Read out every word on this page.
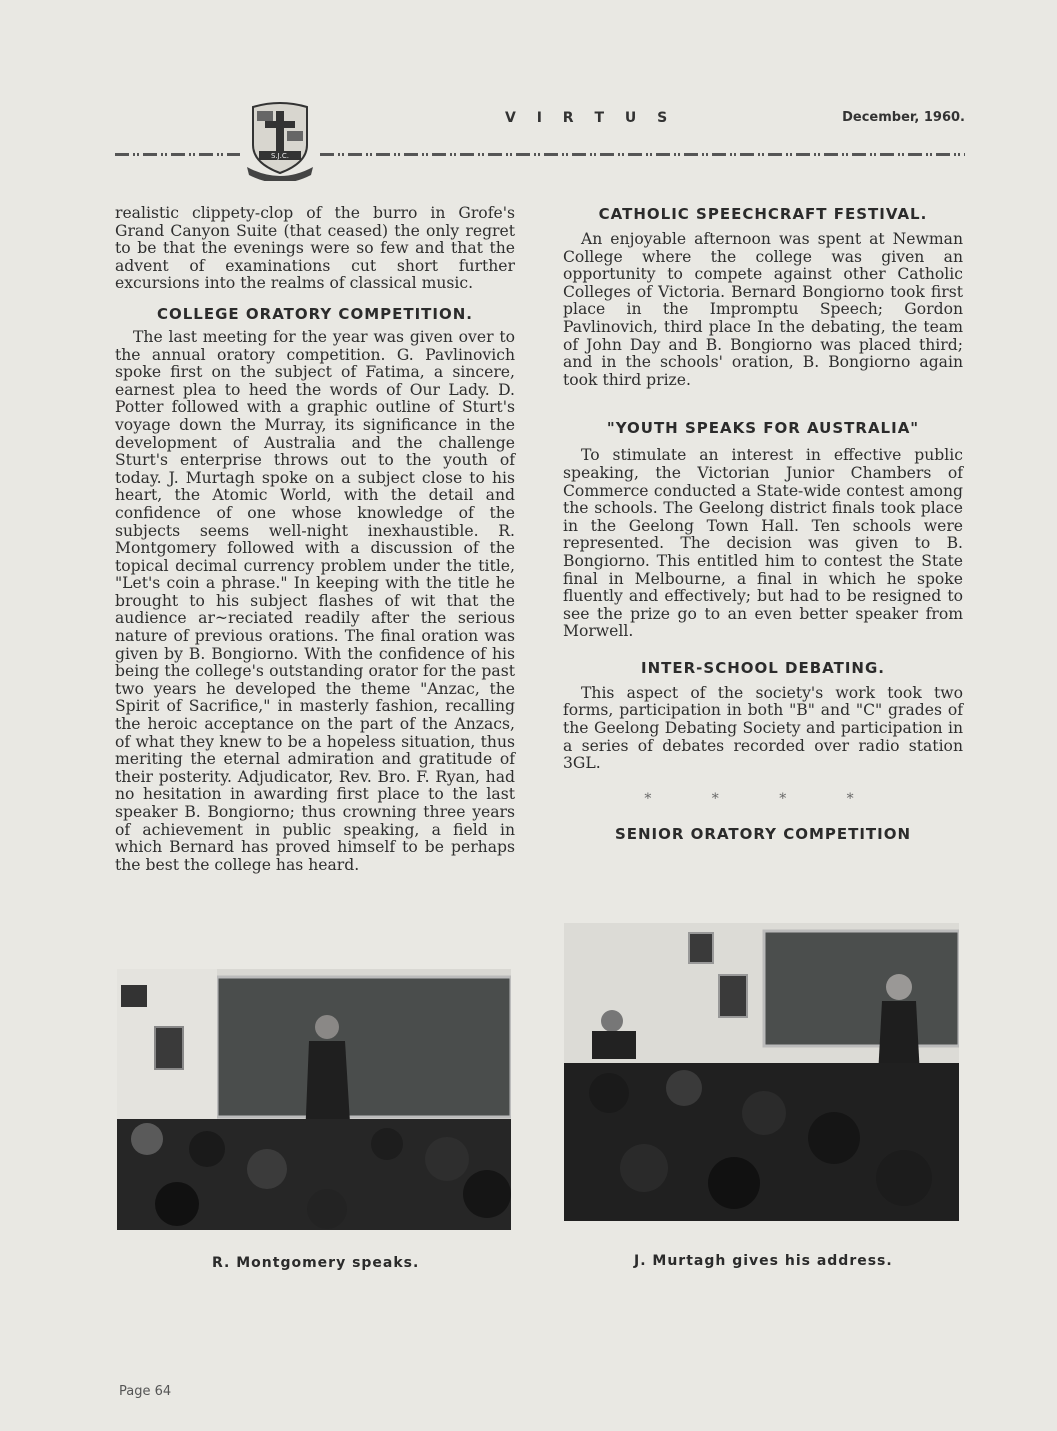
S.J.C.
V I R T U S	December, 1960.

realistic clippety-clop of the burro in Grofe's Grand Canyon Suite (that ceased) the only regret to be that the evenings were so few and that the advent of examinations cut short further excursions into the realms of classical music.

COLLEGE ORATORY COMPETITION.

The last meeting for the year was given over to the annual oratory competition. G. Pavlinovich spoke first on the subject of Fatima, a sincere, earnest plea to heed the words of Our Lady. D. Potter followed with a graphic outline of Sturt's voyage down the Murray, its significance in the development of Australia and the challenge Sturt's enterprise throws out to the youth of today. J. Murtagh spoke on a subject close to his heart, the Atomic World, with the detail and confidence of one whose knowledge of the subjects seems well-night inexhaustible. R. Montgomery followed with a discussion of the topical decimal currency problem under the title, "Let's coin a phrase." In keeping with the title he brought to his subject flashes of wit that the audience ar~reciated readily after the serious nature of previous orations. The final oration was given by B. Bongiorno. With the confidence of his being the college's outstanding orator for the past two years he developed the theme "Anzac, the Spirit of Sacrifice," in masterly fashion, recalling the heroic acceptance on the part of the Anzacs, of what they knew to be a hopeless situation, thus meriting the eternal admiration and gratitude of their posterity. Adjudicator, Rev. Bro. F. Ryan, had no hesitation in awarding first place to the last speaker B. Bongiorno; thus crowning three years of achievement in public speaking, a field in which Bernard has proved himself to be perhaps the best the college has heard.

CATHOLIC SPEECHCRAFT FESTIVAL.

An enjoyable afternoon was spent at Newman College where the college was given an opportunity to compete against other Catholic Colleges of Victoria. Bernard Bongiorno took first place in the Impromptu Speech; Gordon Pavlinovich, third place In the debating, the team of John Day and B. Bongiorno was placed third; and in the schools' oration, B. Bongiorno again took third prize.

"YOUTH SPEAKS FOR AUSTRALIA"

To stimulate an interest in effective public speaking, the Victorian Junior Chambers of Commerce conducted a State-wide contest among the schools. The Geelong district finals took place in the Geelong Town Hall. Ten schools were represented. The decision was given to B. Bongiorno. This entitled him to contest the State final in Melbourne, a final in which he spoke fluently and effectively; but had to be resigned to see the prize go to an even better speaker from Morwell.

INTER-SCHOOL DEBATING.

This aspect of the society's work took two forms, participation in both "B" and "C" grades of the Geelong Debating Society and participation in a series of debates recorded over radio station 3GL.

* * * *
SENIOR ORATORY COMPETITION
R. Montgomery speaks.	J. Murtagh gives his address.
Page 64
